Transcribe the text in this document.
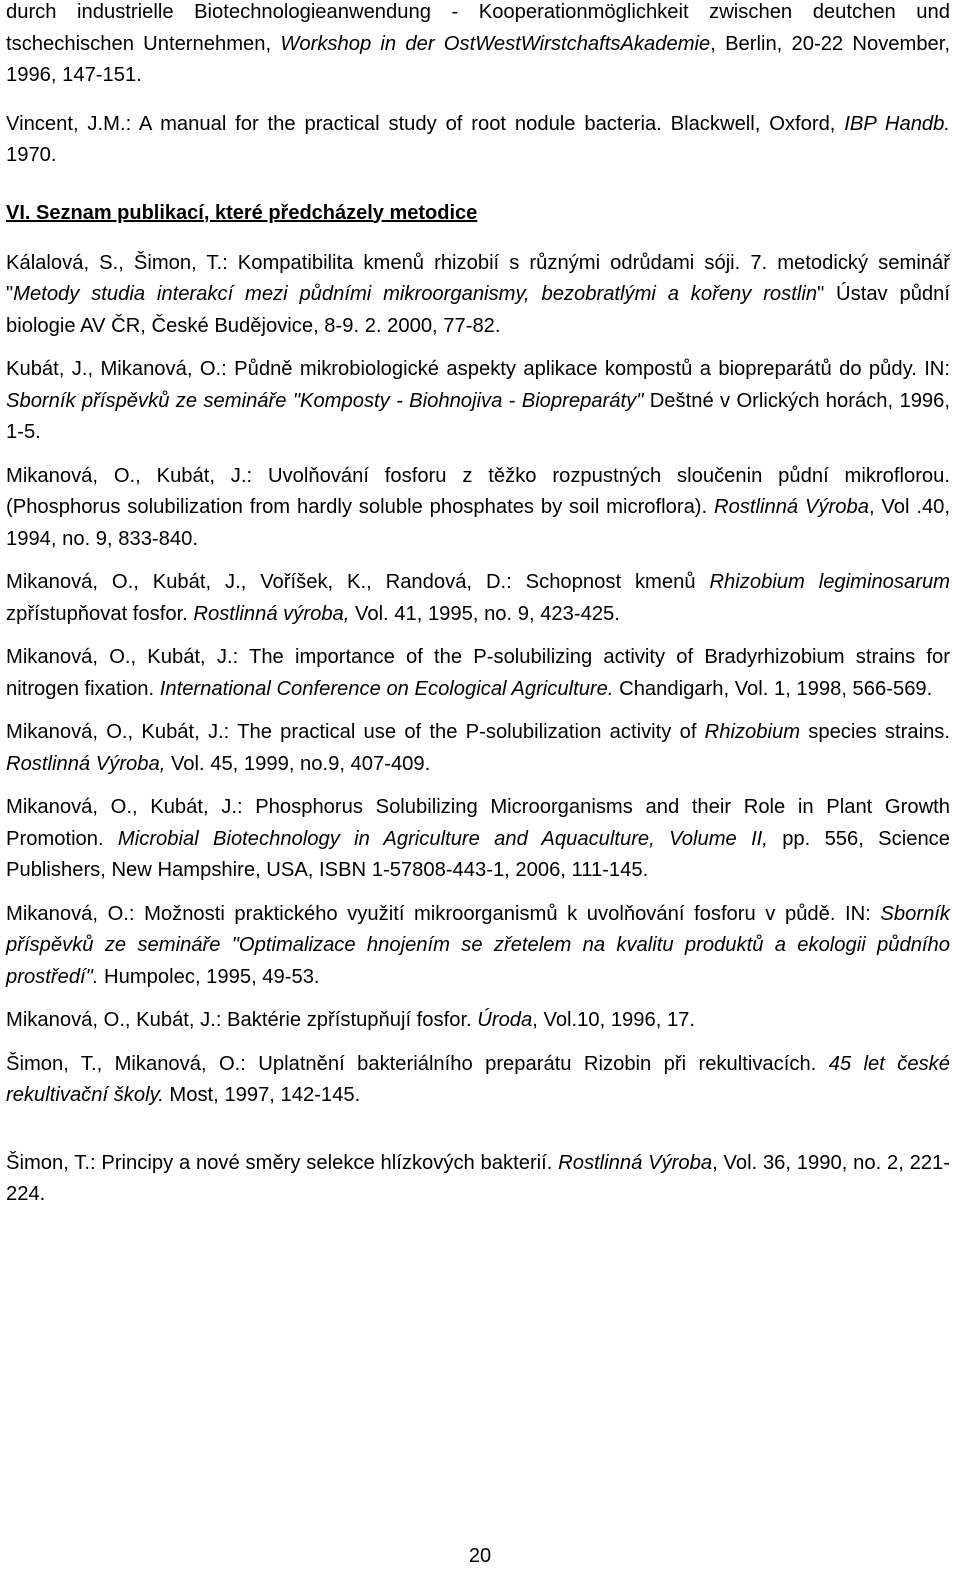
durch industrielle Biotechnologieanwendung - Kooperationmöglichkeit zwischen deutchen und tschechischen Unternehmen, Workshop in der OstWestWirstchaftsAkademie, Berlin, 20-22 November, 1996, 147-151.

Vincent, J.M.: A manual for the practical study of root nodule bacteria. Blackwell, Oxford, IBP Handb. 1970.

VI. Seznam publikací, které předcházely metodice

Kálalová, S., Šimon, T.: Kompatibilita kmenů rhizobií s různými odrůdami sóji. 7. metodický seminář "Metody studia interakcí mezi půdními mikroorganismy, bezobratlými a kořeny rostlin" Ústav půdní biologie AV ČR, České Budějovice, 8-9. 2. 2000, 77-82.

Kubát, J., Mikanová, O.: Půdně mikrobiologické aspekty aplikace kompostů a biopreparátů do půdy. IN: Sborník příspěvků ze semináře "Komposty - Biohnojiva - Biopreparáty" Deštné v Orlických horách, 1996, 1-5.

Mikanová, O., Kubát, J.: Uvolňování fosforu z těžko rozpustných sloučenin půdní mikroflorou. (Phosphorus solubilization from hardly soluble phosphates by soil microflora). Rostlinná Výroba, Vol .40, 1994, no. 9, 833-840.

Mikanová, O., Kubát, J., Voříšek, K., Randová, D.: Schopnost kmenů Rhizobium legiminosarum zpřístupňovat fosfor. Rostlinná výroba, Vol. 41, 1995, no. 9, 423-425.

Mikanová, O., Kubát, J.: The importance of the P-solubilizing activity of Bradyrhizobium strains for nitrogen fixation. International Conference on Ecological Agriculture. Chandigarh, Vol. 1, 1998, 566-569.

Mikanová, O., Kubát, J.: The practical use of the P-solubilization activity of Rhizobium species strains. Rostlinná Výroba, Vol. 45, 1999, no.9, 407-409.

Mikanová, O., Kubát, J.: Phosphorus Solubilizing Microorganisms and their Role in Plant Growth Promotion. Microbial Biotechnology in Agriculture and Aquaculture, Volume II, pp. 556, Science Publishers, New Hampshire, USA, ISBN 1-57808-443-1, 2006, 111-145.

Mikanová, O.: Možnosti praktického využití mikroorganismů k uvolňování fosforu v půdě. IN: Sborník příspěvků ze semináře "Optimalizace hnojením se zřetelem na kvalitu produktů a ekologii půdního prostředí". Humpolec, 1995, 49-53.

Mikanová, O., Kubát, J.: Baktérie zpřístupňují fosfor. Úroda, Vol.10, 1996, 17.

Šimon, T., Mikanová, O.: Uplatnění bakteriálního preparátu Rizobin při rekultivacích. 45 let české rekultivační školy. Most, 1997, 142-145.

Šimon, T.: Principy a nové směry selekce hlízkových bakterií. Rostlinná Výroba, Vol. 36, 1990, no. 2, 221-224.

20
